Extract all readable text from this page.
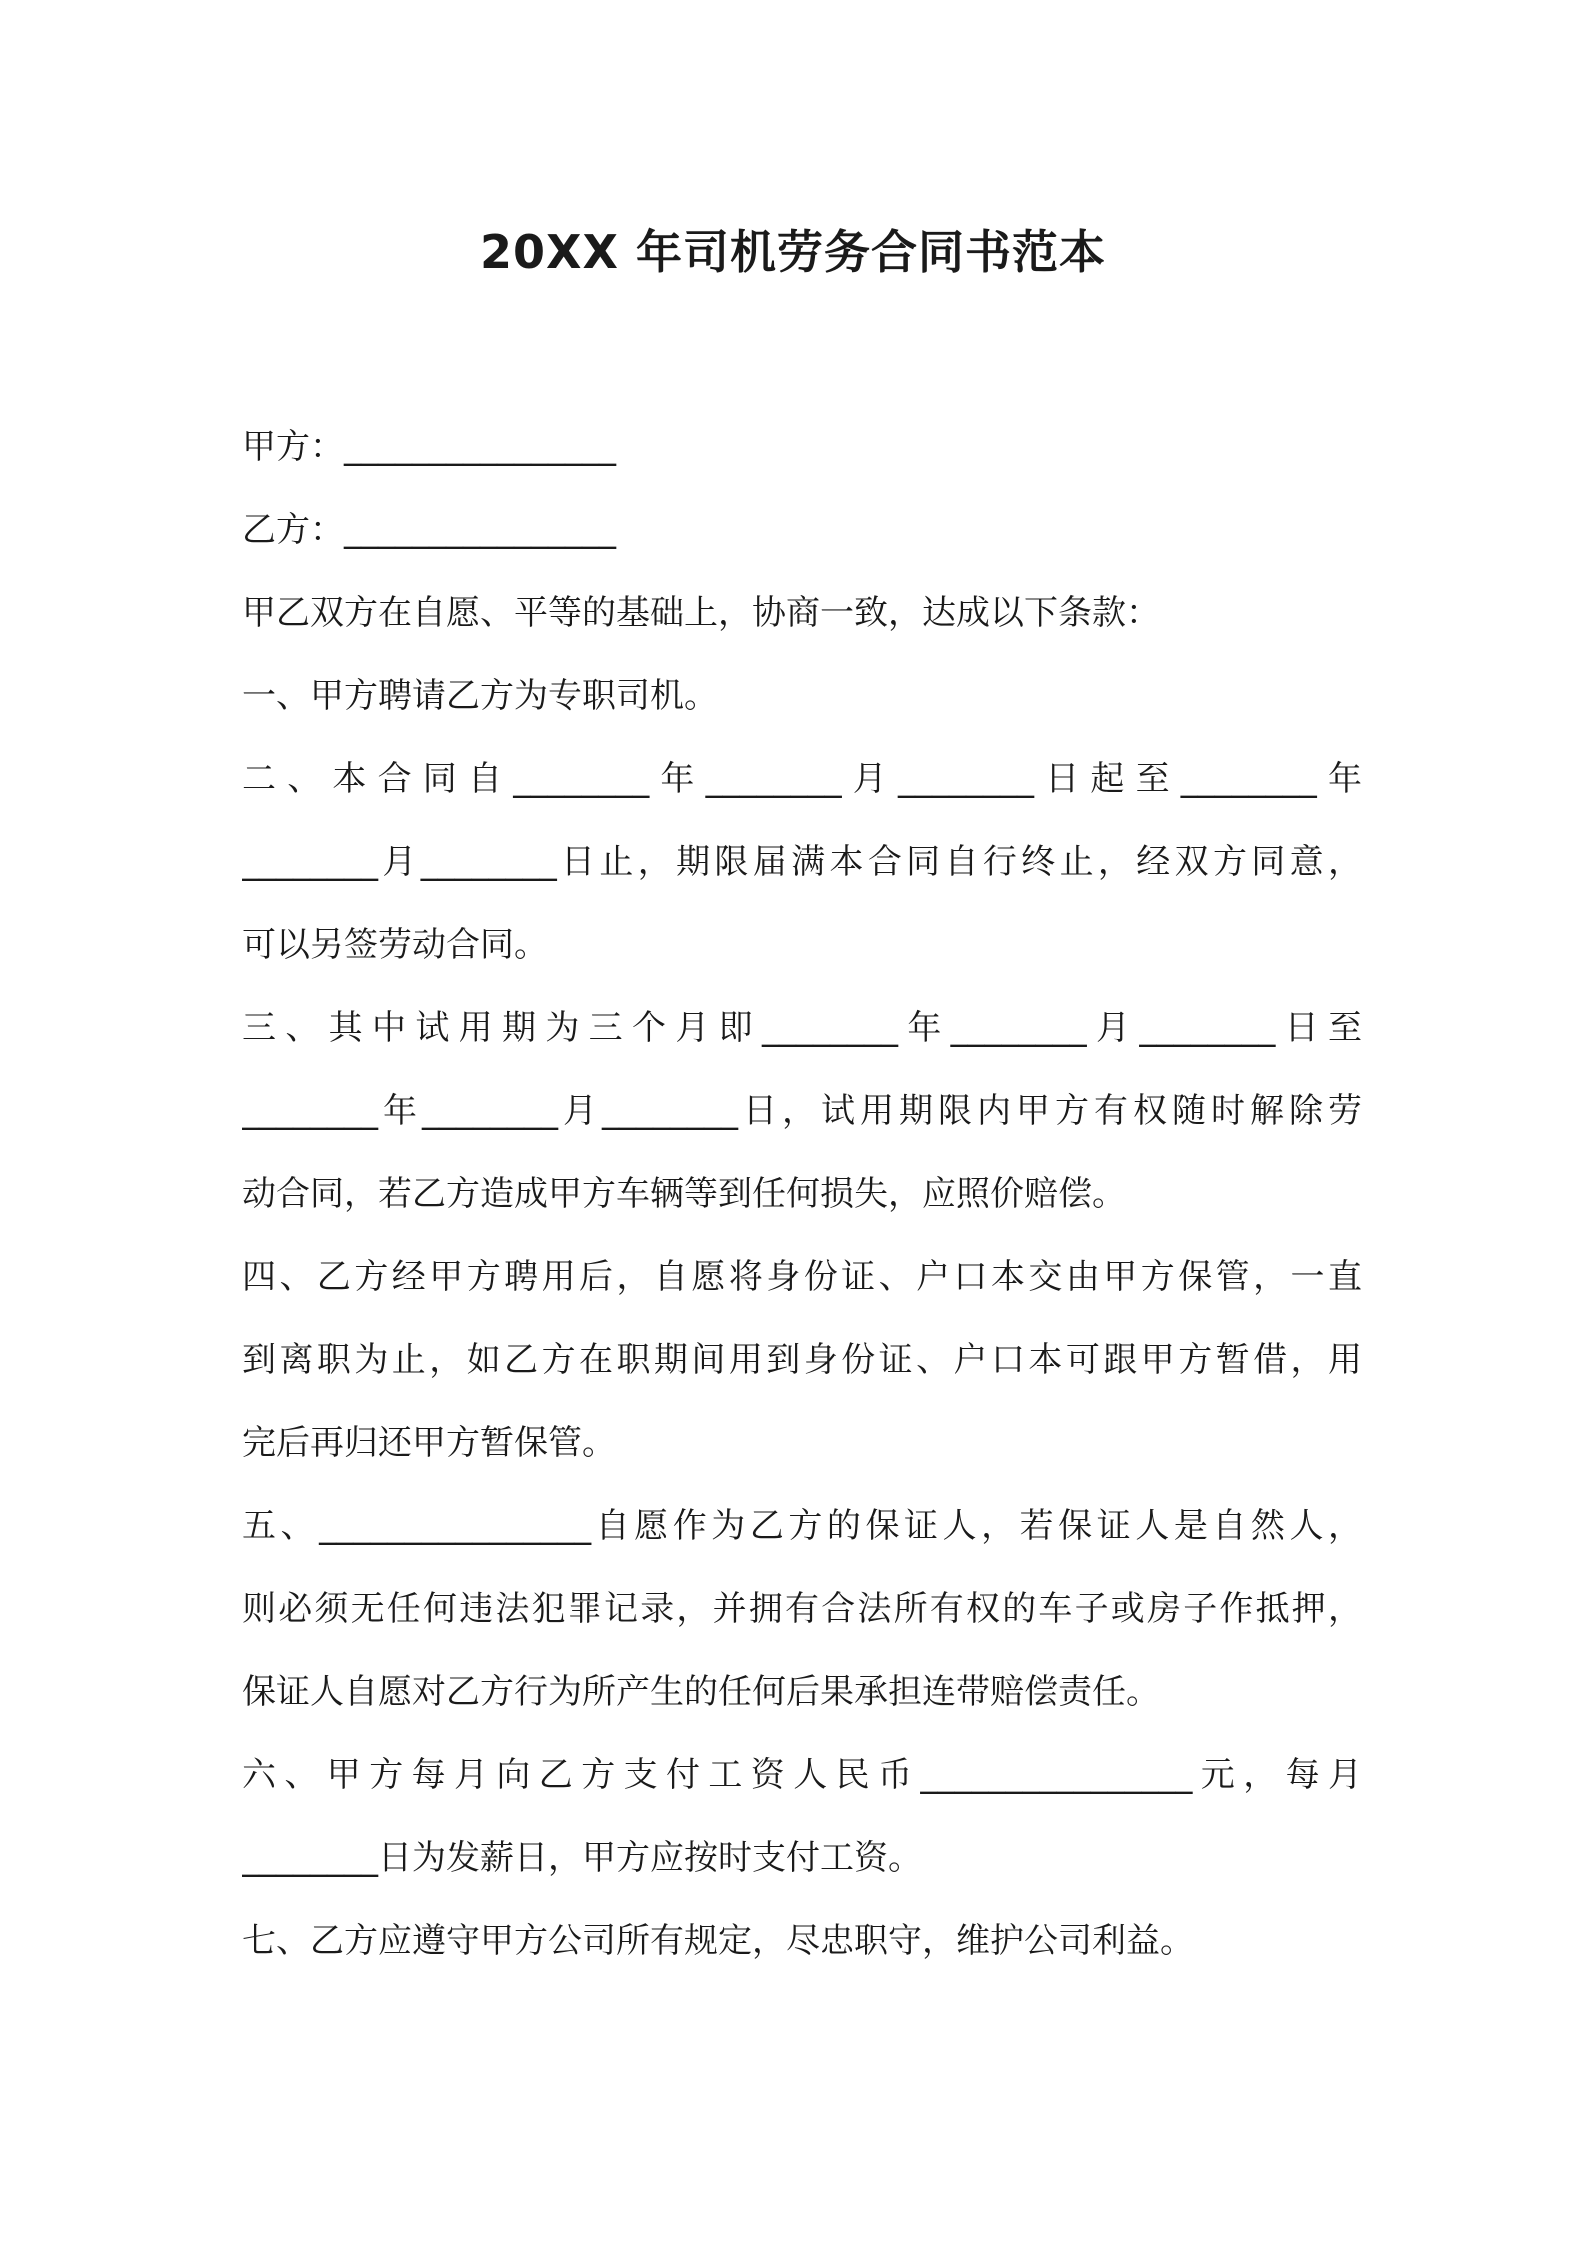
20XX 年司机劳务合同书范本
甲方：________________
乙方：________________
甲乙双方在自愿、平等的基础上，协商一致，达成以下条款：
一、甲方聘请乙方为专职司机。
二、本合同自________年________月________日起至________年
________月________日止，期限届满本合同自行终止，经双方同意，
可以另签劳动合同。
三、其中试用期为三个月即________年________月________日至
________年________月________日，试用期限内甲方有权随时解除劳
动合同，若乙方造成甲方车辆等到任何损失，应照价赔偿。
四、乙方经甲方聘用后，自愿将身份证、户口本交由甲方保管，一直
到离职为止，如乙方在职期间用到身份证、户口本可跟甲方暂借，用
完后再归还甲方暂保管。
五、________________自愿作为乙方的保证人，若保证人是自然人，
则必须无任何违法犯罪记录，并拥有合法所有权的车子或房子作抵押，
保证人自愿对乙方行为所产生的任何后果承担连带赔偿责任。
六、甲方每月向乙方支付工资人民币________________元，每月
________日为发薪日，甲方应按时支付工资。
七、乙方应遵守甲方公司所有规定，尽忠职守，维护公司利益。
